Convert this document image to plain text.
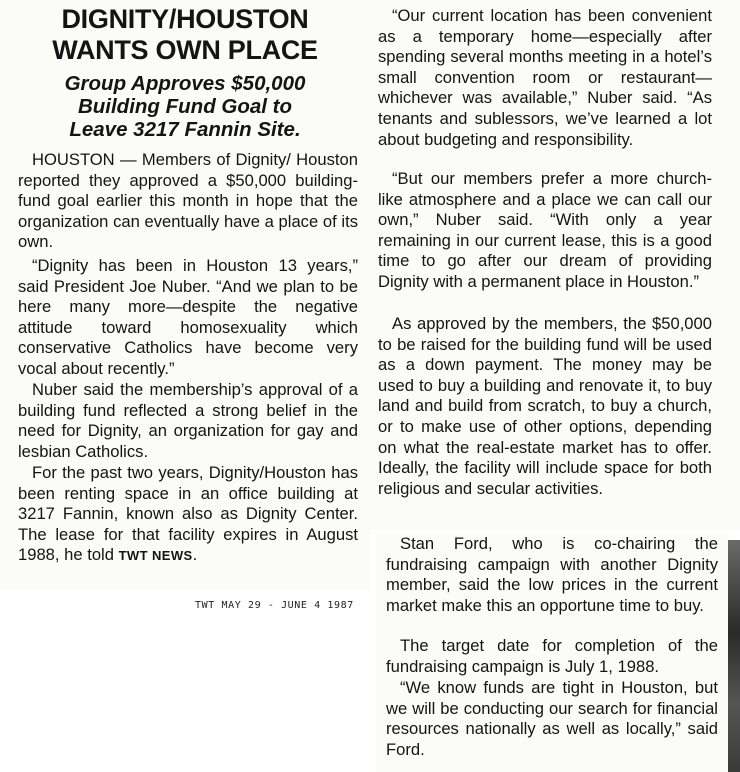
DIGNITY/HOUSTON
WANTS OWN PLACE
Group Approves $50,000
Building Fund Goal to
Leave 3217 Fannin Site.

HOUSTON — Members of Dignity/ Houston reported they approved a $50,000 building-fund goal earlier this month in hope that the organization can eventually have a place of its own.

“Dignity has been in Houston 13 years,” said President Joe Nuber. “And we plan to be here many more—despite the negative attitude toward homosexuality which conservative Catholics have become very vocal about recently.”

Nuber said the membership’s approval of a building fund reflected a strong belief in the need for Dignity, an organization for gay and lesbian Catholics.

For the past two years, Dignity/Houston has been renting space in an office building at 3217 Fannin, known also as Dignity Center. The lease for that facility expires in August 1988, he told TWT NEWS.

TWT MAY 29 - JUNE 4 1987

“Our current location has been convenient as a temporary home—especially after spending several months meeting in a hotel’s small convention room or restaurant—whichever was available,” Nuber said. “As tenants and sublessors, we’ve learned a lot about budgeting and responsibility.

“But our members prefer a more church-like atmosphere and a place we can call our own,” Nuber said. “With only a year remaining in our current lease, this is a good time to go after our dream of providing Dignity with a permanent place in Houston.”

As approved by the members, the $50,000 to be raised for the building fund will be used as a down payment. The money may be used to buy a building and renovate it, to buy land and build from scratch, to buy a church, or to make use of other options, depending on what the real-estate market has to offer. Ideally, the facility will include space for both religious and secular activities.

Stan Ford, who is co-chairing the fundraising campaign with another Dignity member, said the low prices in the current market make this an opportune time to buy.

The target date for completion of the fundraising campaign is July 1, 1988.

“We know funds are tight in Houston, but we will be conducting our search for financial resources nationally as well as locally,” said Ford.
